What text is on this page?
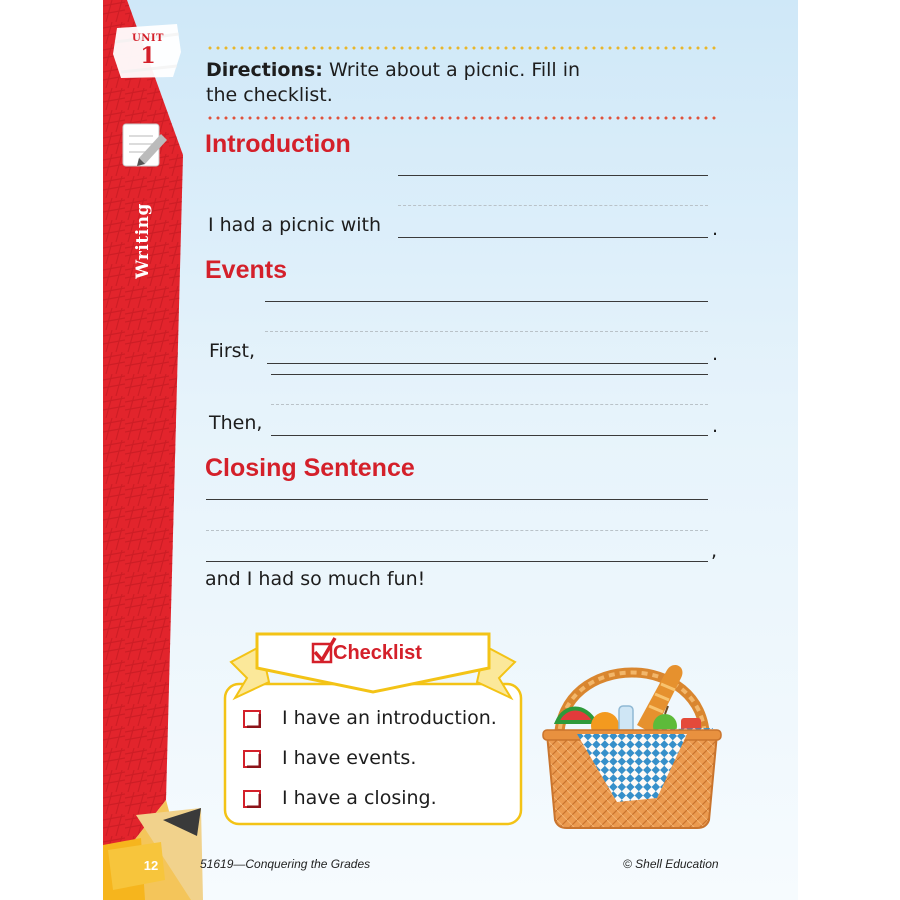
UNIT
1
Writing
Directions: Write about a picnic. Fill in
the checklist.
Introduction
I had a picnic with	.
Events
First,	.
Then,	.
Closing Sentence
,
and I had so much fun!
Checklist
I have an introduction.
I have events.
I have a closing.
12	51619—Conquering the Grades	© Shell Education
